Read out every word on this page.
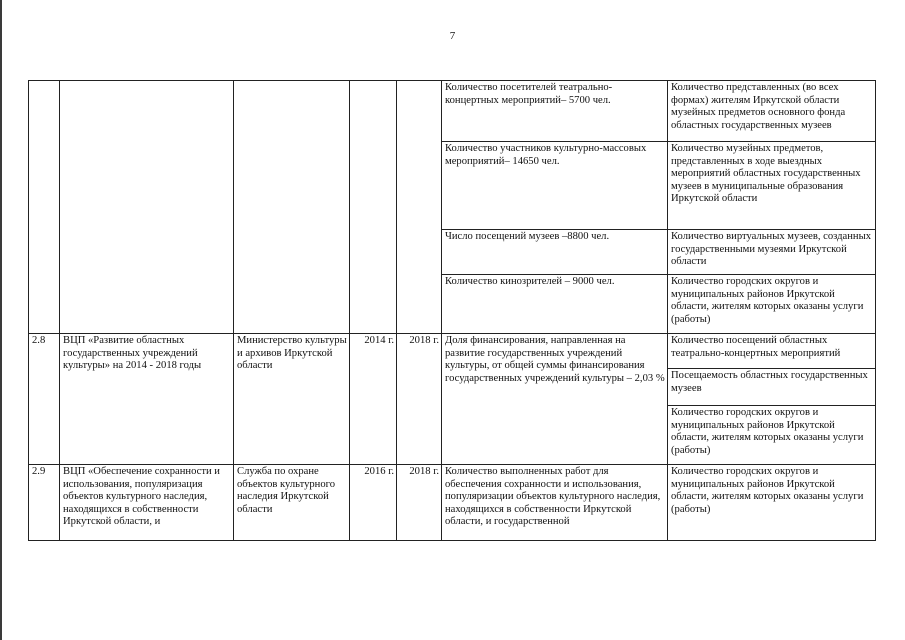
7
					Количество посетителей театрально-концертных мероприятий– 5700 чел.	Количество представленных (во всех формах) жителям Иркутской области музейных предметов основного фонда областных государственных музеев
					Количество участников культурно-массовых мероприятий– 14650 чел.	Количество музейных предметов, представленных в ходе выездных мероприятий областных государственных музеев в муниципальные образования Иркутской области
					Число посещений музеев –8800 чел.	Количество виртуальных музеев, созданных государственными музеями Иркутской области
					Количество кинозрителей – 9000 чел.	Количество городских округов и муниципальных районов Иркутской области, жителям которых оказаны услуги (работы)
2.8	ВЦП «Развитие областных государственных учреждений культуры» на 2014 - 2018 годы	Министерство культуры и архивов Иркутской области	2014 г.	2018 г.	Доля финансирования, направленная на развитие государственных учреждений культуры, от общей суммы финансирования государственных учреждений культуры – 2,03 %	Количество посещений областных театрально-концертных мероприятий
						Посещаемость областных государственных музеев
						Количество городских округов и муниципальных районов Иркутской области, жителям которых оказаны услуги (работы)
2.9	ВЦП «Обеспечение сохранности и использования, популяризация объектов культурного наследия, находящихся в собственности Иркутской области, и	Служба по охране объектов культурного наследия Иркутской области	2016 г.	2018 г.	Количество выполненных работ для обеспечения сохранности и использования, популяризации объектов культурного наследия, находящихся в собственности Иркутской области, и государственной	Количество городских округов и муниципальных районов Иркутской области, жителям которых оказаны услуги (работы)
